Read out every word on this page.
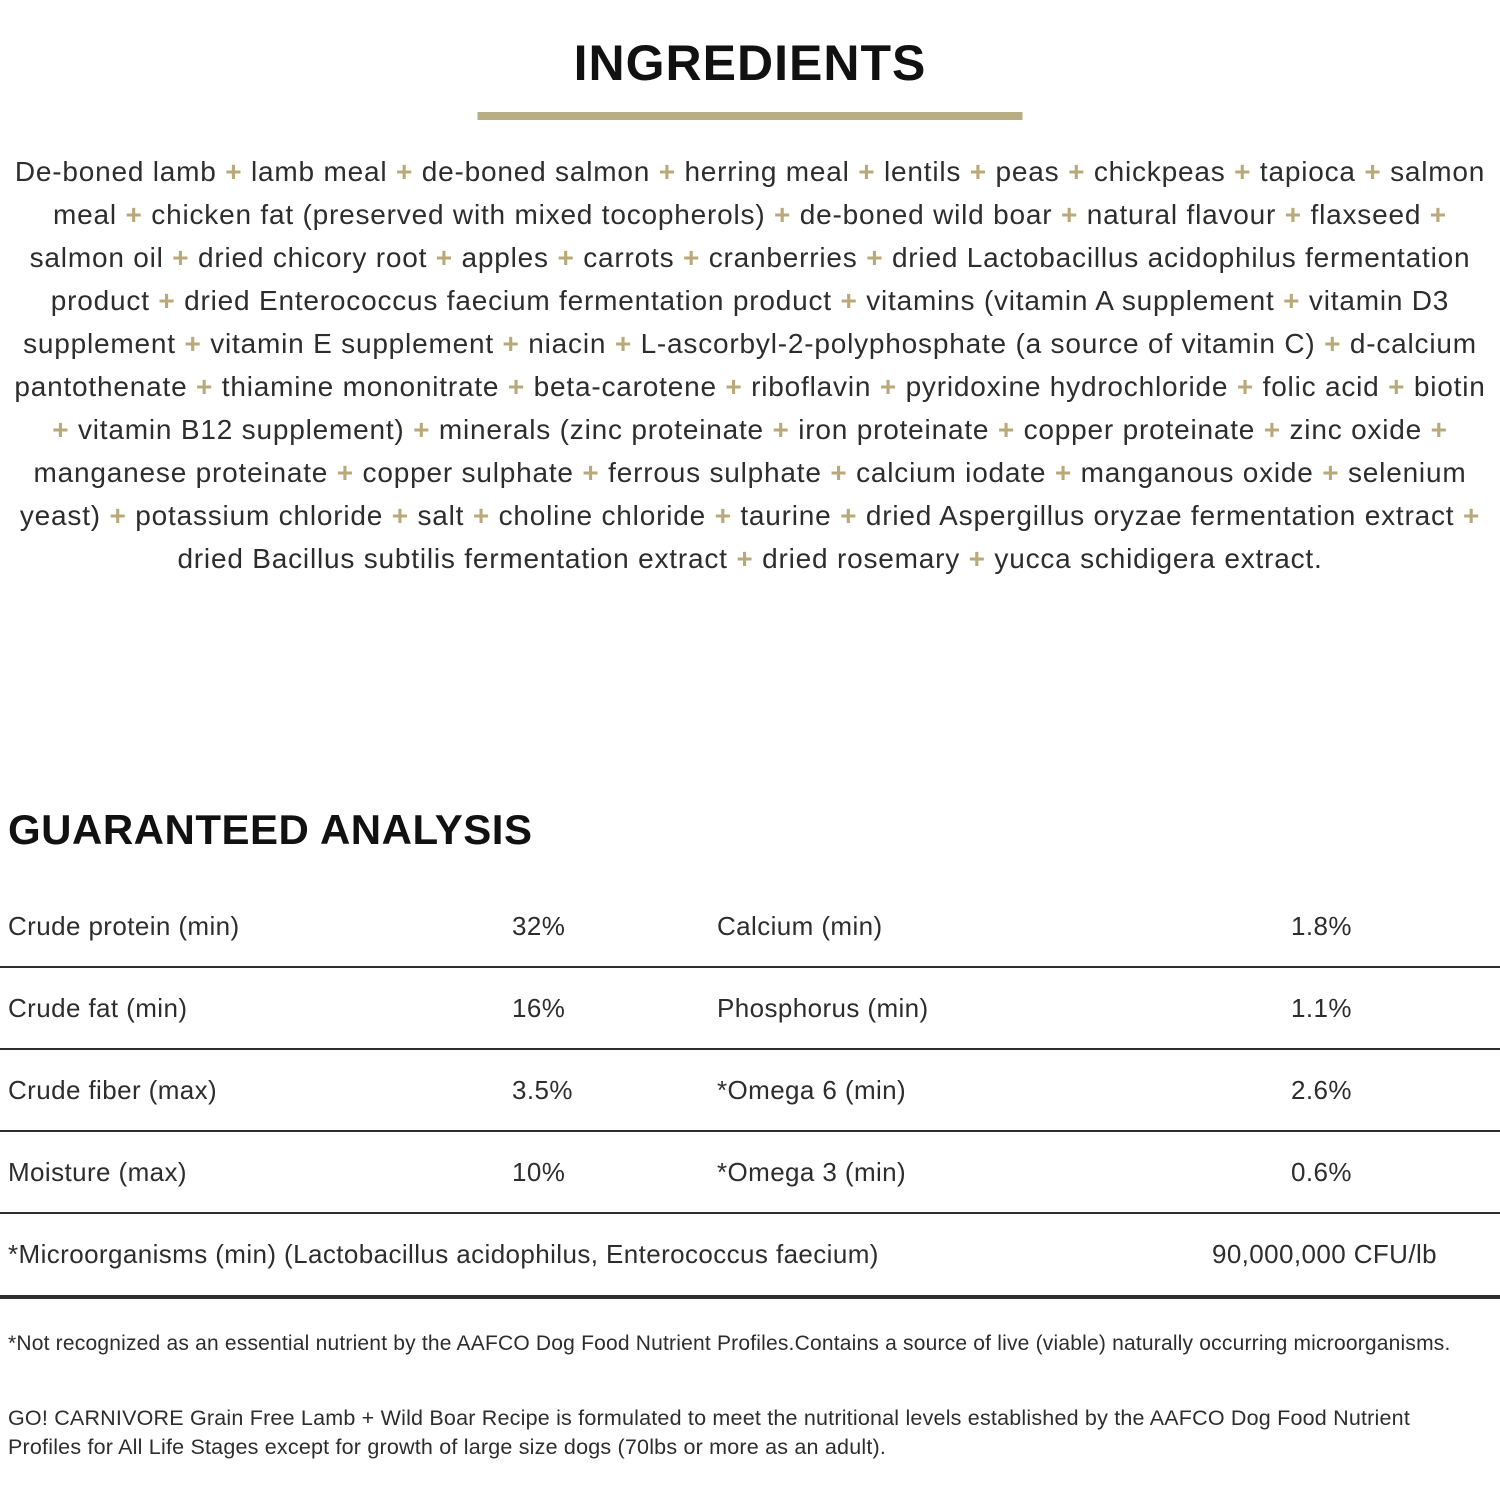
INGREDIENTS

De-boned lamb + lamb meal + de-boned salmon + herring meal + lentils + peas + chickpeas + tapioca + salmon meal + chicken fat (preserved with mixed tocopherols) + de-boned wild boar + natural flavour + flaxseed + salmon oil + dried chicory root + apples + carrots + cranberries + dried Lactobacillus acidophilus fermentation product + dried Enterococcus faecium fermentation product + vitamins (vitamin A supplement + vitamin D3 supplement + vitamin E supplement + niacin + L-ascorbyl-2-polyphosphate (a source of vitamin C) + d-calcium pantothenate + thiamine mononitrate + beta-carotene + riboflavin + pyridoxine hydrochloride + folic acid + biotin + vitamin B12 supplement) + minerals (zinc proteinate + iron proteinate + copper proteinate + zinc oxide + manganese proteinate + copper sulphate + ferrous sulphate + calcium iodate + manganous oxide + selenium yeast) + potassium chloride + salt + choline chloride + taurine + dried Aspergillus oryzae fermentation extract + dried Bacillus subtilis fermentation extract + dried rosemary + yucca schidigera extract.

GUARANTEED ANALYSIS
Crude protein (min)	32%	Calcium (min)	1.8%
Crude fat (min)	16%	Phosphorus (min)	1.1%
Crude fiber (max)	3.5%	*Omega 6 (min)	2.6%
Moisture (max)	10%	*Omega 3 (min)	0.6%
*Microorganisms (min) (Lactobacillus acidophilus, Enterococcus faecium)	90,000,000 CFU/lb

*Not recognized as an essential nutrient by the AAFCO Dog Food Nutrient Profiles.Contains a source of live (viable) naturally occurring microorganisms.

GO! CARNIVORE Grain Free Lamb + Wild Boar Recipe is formulated to meet the nutritional levels established by the AAFCO Dog Food Nutrient Profiles for All Life Stages except for growth of large size dogs (70lbs or more as an adult).
